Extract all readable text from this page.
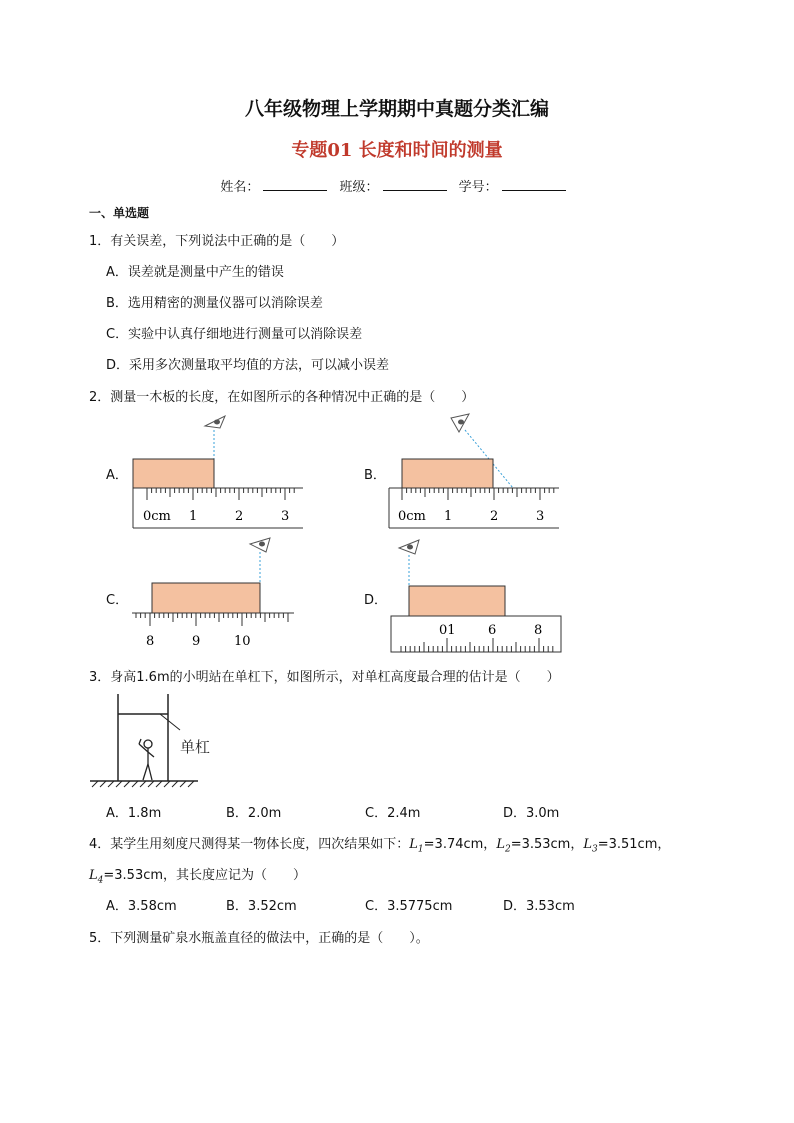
八年级物理上学期期中真题分类汇编
专题01 长度和时间的测量
姓名：	班级：	学号：
一、单选题
1．有关误差，下列说法中正确的是（　　）
A．误差就是测量中产生的错误
B．选用精密的测量仪器可以消除误差
C．实验中认真仔细地进行测量可以消除误差
D．采用多次测量取平均值的方法，可以减小误差
2．测量一木板的长度，在如图所示的各种情况中正确的是（　　）
A．	B．
C．	D．
0cm 1	2	3	0cm 1	2	3
8	9	10
01 6	8
3．身高1.6m的小明站在单杠下，如图所示，对单杠高度最合理的估计是（　　）
单杠
A．1.8m	B．2.0m	C．2.4m	D．3.0m
4．某学生用刻度尺测得某一物体长度，四次结果如下：$L_1=3.74cm$，$L_2=3.53cm$，$L_3=3.51cm$，
$L_4=3.53cm$，其长度应记为（　　）
A．3.58cm	B．3.52cm	C．3.5775cm	D．3.53cm
5．下列测量矿泉水瓶盖直径的做法中，正确的是（　　）。
